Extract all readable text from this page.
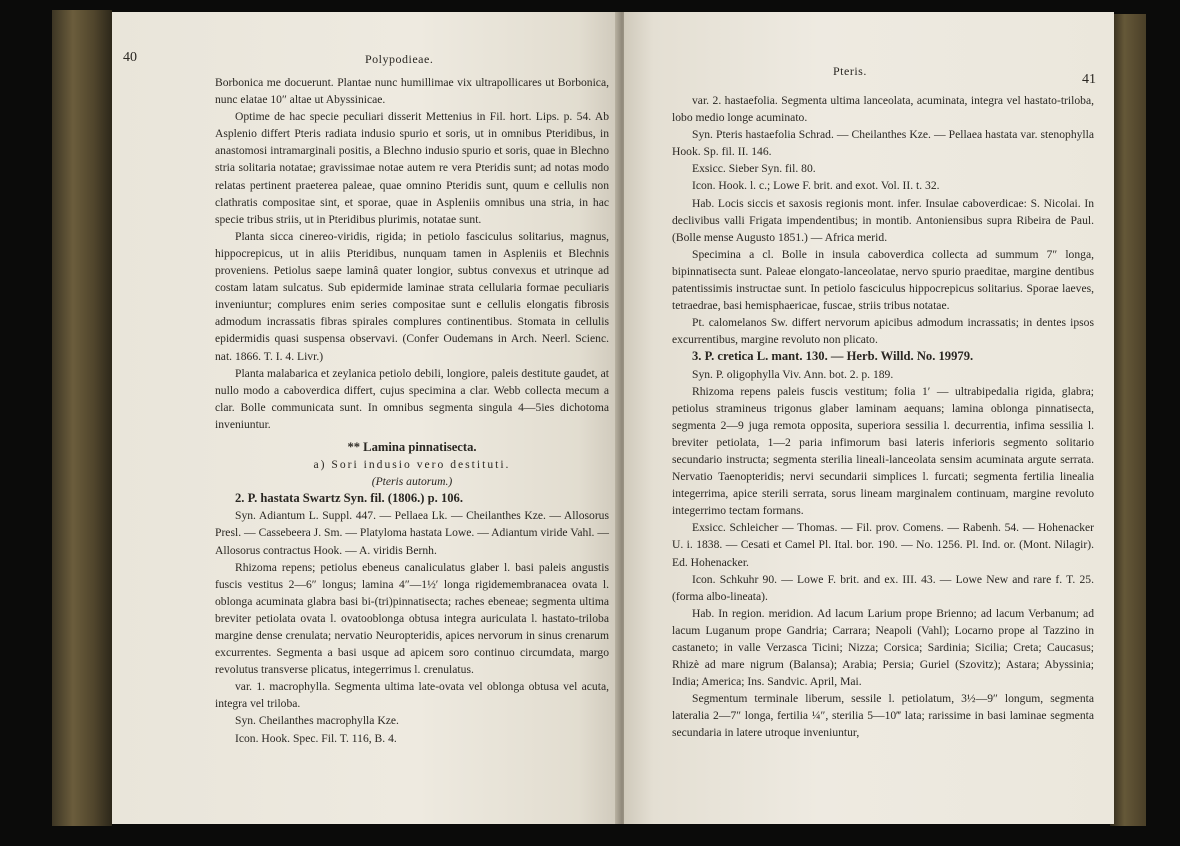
40	Polypodieae.

Borbonica me docuerunt. Plantae nunc humillimae vix ultrapollicares ut Borbonica, nunc elatae 10″ altae ut Abyssinicae.

Optime de hac specie peculiari disserit Mettenius in Fil. hort. Lips. p. 54. Ab Asplenio differt Pteris radiata indusio spurio et soris, ut in omnibus Pteridibus, in anastomosi intramarginali positis, a Blechno indusio spurio et soris, quae in Blechno stria solitaria notatae; gravissimae notae autem re vera Pteridis sunt; ad notas modo relatas pertinent praeterea paleae, quae omnino Pteridis sunt, quum e cellulis non clathratis compositae sint, et sporae, quae in Aspleniis omnibus una stria, in hac specie tribus striis, ut in Pteridibus plurimis, notatae sunt.

Planta sicca cinereo-viridis, rigida; in petiolo fasciculus solitarius, magnus, hippocrepicus, ut in aliis Pteridibus, nunquam tamen in Aspleniis et Blechnis proveniens. Petiolus saepe laminâ quater longior, subtus convexus et utrinque ad costam latam sulcatus. Sub epidermide laminae strata cellularia formae peculiaris inveniuntur; complures enim series compositae sunt e cellulis elongatis fibrosis admodum incrassatis fibras spirales complures continentibus. Stomata in cellulis epidermidis quasi suspensa observavi. (Confer Oudemans in Arch. Neerl. Scienc. nat. 1866. T. I. 4. Livr.)

Planta malabarica et zeylanica petiolo debili, longiore, paleis destitute gaudet, at nullo modo a caboverdica differt, cujus specimina a clar. Webb collecta mecum a clar. Bolle communicata sunt. In omnibus segmenta singula 4—5ies dichotoma inveniuntur.

** Lamina pinnatisecta.

a) Sori indusio vero destituti.

(Pteris autorum.)

2. P. hastata Swartz Syn. fil. (1806.) p. 106.

Syn. Adiantum L. Suppl. 447. — Pellaea Lk. — Cheilanthes Kze. — Allosorus Presl. — Cassebeera J. Sm. — Platyloma hastata Lowe. — Adiantum viride Vahl. — Allosorus contractus Hook. — A. viridis Bernh.

Rhizoma repens; petiolus ebeneus canaliculatus glaber l. basi paleis angustis fuscis vestitus 2—6″ longus; lamina 4″—1½′ longa rigidemembranacea ovata l. oblonga acuminata glabra basi bi-(tri)pinnatisecta; raches ebeneae; segmenta ultima breviter petiolata ovata l. ovatooblonga obtusa integra auriculata l. hastato-triloba margine dense crenulata; nervatio Neuropteridis, apices nervorum in sinus crenarum excurrentes. Segmenta a basi usque ad apicem soro continuo circumdata, margo revolutus transverse plicatus, integerrimus l. crenulatus.

var. 1. macrophylla. Segmenta ultima late-ovata vel oblonga obtusa vel acuta, integra vel triloba.

Syn. Cheilanthes macrophylla Kze.

Icon. Hook. Spec. Fil. T. 116, B. 4.

Pteris.
41

var. 2. hastaefolia. Segmenta ultima lanceolata, acuminata, integra vel hastato-triloba, lobo medio longe acuminato.

Syn. Pteris hastaefolia Schrad. — Cheilanthes Kze. — Pellaea hastata var. stenophylla Hook. Sp. fil. II. 146.

Exsicc. Sieber Syn. fil. 80.

Icon. Hook. l. c.; Lowe F. brit. and exot. Vol. II. t. 32.

Hab. Locis siccis et saxosis regionis mont. infer. Insulae caboverdicae: S. Nicolai. In declivibus valli Frigata impendentibus; in montib. Antoniensibus supra Ribeira de Paul. (Bolle mense Augusto 1851.) — Africa merid.

Specimina a cl. Bolle in insula caboverdica collecta ad summum 7″ longa, bipinnatisecta sunt. Paleae elongato-lanceolatae, nervo spurio praeditae, margine dentibus patentissimis instructae sunt. In petiolo fasciculus hippocrepicus solitarius. Sporae laeves, tetraedrae, basi hemisphaericae, fuscae, striis tribus notatae.

Pt. calomelanos Sw. differt nervorum apicibus admodum incrassatis; in dentes ipsos excurrentibus, margine revoluto non plicato.

3. P. cretica L. mant. 130. — Herb. Willd. No. 19979.

Syn. P. oligophylla Viv. Ann. bot. 2. p. 189.

Rhizoma repens paleis fuscis vestitum; folia 1′ — ultrabipedalia rigida, glabra; petiolus stramineus trigonus glaber laminam aequans; lamina oblonga pinnatisecta, segmenta 2—9 juga remota opposita, superiora sessilia l. decurrentia, infima sessilia l. breviter petiolata, 1—2 paria infimorum basi lateris inferioris segmento solitario secundario instructa; segmenta sterilia lineali-lanceolata sensim acuminata argute serrata. Nervatio Taenopteridis; nervi secundarii simplices l. furcati; segmenta fertilia linealia integerrima, apice sterili serrata, sorus lineam marginalem continuam, margine revoluto integerrimo tectam formans.

Exsicc. Schleicher — Thomas. — Fil. prov. Comens. — Rabenh. 54. — Hohenacker U. i. 1838. — Cesati et Camel Pl. Ital. bor. 190. — No. 1256. Pl. Ind. or. (Mont. Nilagir). Ed. Hohenacker.

Icon. Schkuhr 90. — Lowe F. brit. and ex. III. 43. — Lowe New and rare f. T. 25. (forma albo-lineata).

Hab. In region. meridion. Ad lacum Larium prope Brienno; ad lacum Verbanum; ad lacum Luganum prope Gandria; Carrara; Neapoli (Vahl); Locarno prope al Tazzino in castaneto; in valle Verzasca Ticini; Nizza; Corsica; Sardinia; Sicilia; Creta; Caucasus; Rhizè ad mare nigrum (Balansa); Arabia; Persia; Guriel (Szovitz); Astara; Abyssinia; India; America; Ins. Sandvic. April, Mai.

Segmentum terminale liberum, sessile l. petiolatum, 3½—9″ longum, segmenta lateralia 2—7″ longa, fertilia ¼″, sterilia 5—10‴ lata; rarissime in basi laminae segmenta secundaria in latere utroque inveniuntur,
